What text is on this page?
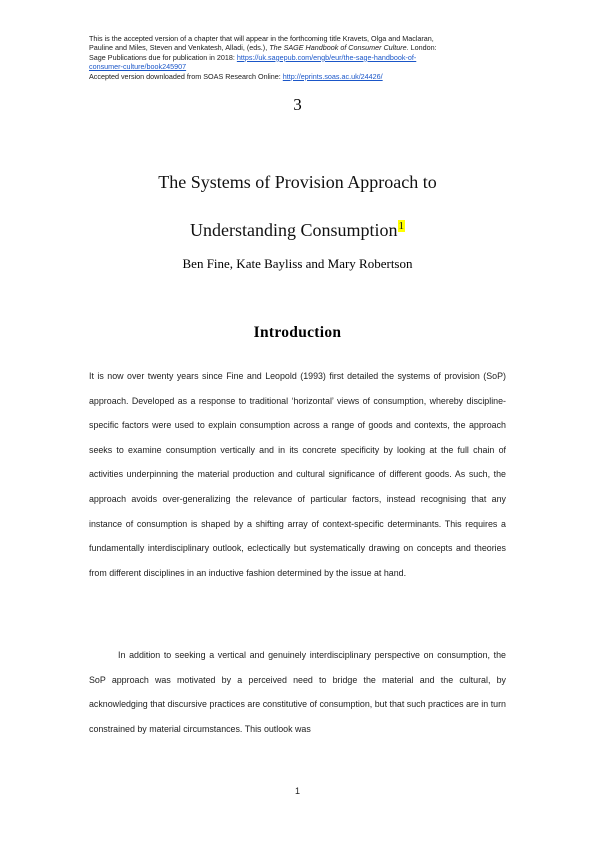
This is the accepted version of a chapter that will appear in the forthcoming title Kravets, Olga and Maclaran,
Pauline and Miles, Steven and Venkatesh, Alladi, (eds.), The SAGE Handbook of Consumer Culture. London:
Sage Publications due for publication in 2018: https://uk.sagepub.com/engb/eur/the-sage-handbook-of-
consumer-culture/book245907
Accepted version downloaded from SOAS Research Online: http://eprints.soas.ac.uk/24426/
3
The Systems of Provision Approach to
Understanding Consumption$^1$
Ben Fine, Kate Bayliss and Mary Robertson
Introduction

It is now over twenty years since Fine and Leopold (1993) first detailed the systems of provision (SoP) approach. Developed as a response to traditional ‘horizontal’ views of consumption, whereby discipline-specific factors were used to explain consumption across a range of goods and contexts, the approach seeks to examine consumption vertically and in its concrete specificity by looking at the full chain of activities underpinning the material production and cultural significance of different goods. As such, the approach avoids over-generalizing the relevance of particular factors, instead recognising that any instance of consumption is shaped by a shifting array of context-specific determinants. This requires a fundamentally interdisciplinary outlook, eclectically but systematically drawing on concepts and theories from different disciplines in an inductive fashion determined by the issue at hand.

In addition to seeking a vertical and genuinely interdisciplinary perspective on consumption, the SoP approach was motivated by a perceived need to bridge the material and the cultural, by acknowledging that discursive practices are constitutive of consumption, but that such practices are in turn constrained by material circumstances. This outlook was

1
